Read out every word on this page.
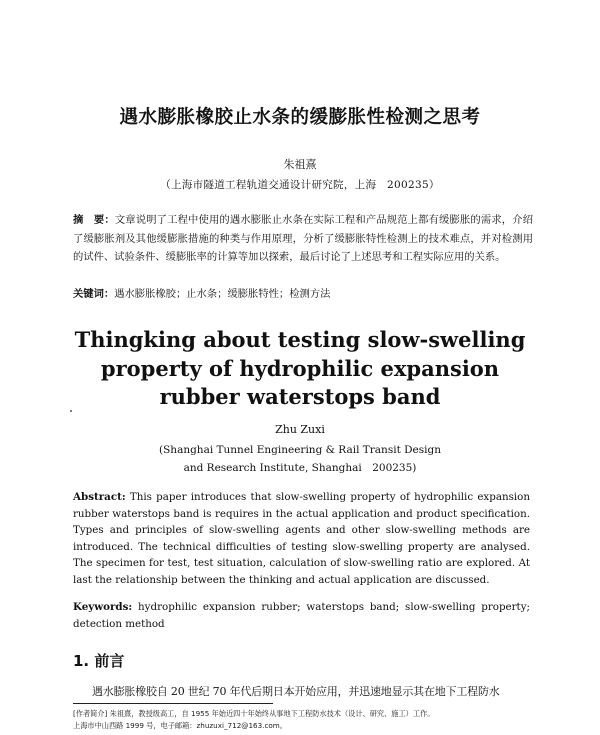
遇水膨胀橡胶止水条的缓膨胀性检测之思考
朱祖熹
（上海市隧道工程轨道交通设计研究院，上海　200235）
摘　要：文章说明了工程中使用的遇水膨胀止水条在实际工程和产品规范上都有缓膨胀的需求，介绍了缓膨胀剂及其他缓膨胀措施的种类与作用原理，分析了缓膨胀特性检测上的技术难点，并对检测用的试件、试验条件、缓膨胀率的计算等加以探索，最后讨论了上述思考和工程实际应用的关系。
关键词：遇水膨胀橡胶；止水条；缓膨胀特性；检测方法
Thingking about testing slow-swelling
property of hydrophilic expansion
rubber waterstops band
Zhu Zuxi
(Shanghai Tunnel Engineering & Rail Transit Design
and Research Institute, Shanghai　200235)
Abstract: This paper introduces that slow-swelling property of hydrophilic expansion rubber waterstops band is requires in the actual application and product specification. Types and principles of slow-swelling agents and other slow-swelling methods are introduced. The technical difficulties of testing slow-swelling property are analysed. The specimen for test, test situation, calculation of slow-swelling ratio are explored. At last the relationship between the thinking and actual application are discussed.
Keywords: hydrophilic expansion rubber; waterstops band; slow-swelling property; detection method
1. 前言
遇水膨胀橡胶自 20 世纪 70 年代后期日本开始应用，并迅速地显示其在地下工程防水
[作者简介] 朱祖熹，教授级高工，自 1955 年始近四十年始终从事地下工程防水技术（设计、研究、施工）工作。
上海市中山西路 1999 号，电子邮箱：zhuzuxi_712@163.com。
